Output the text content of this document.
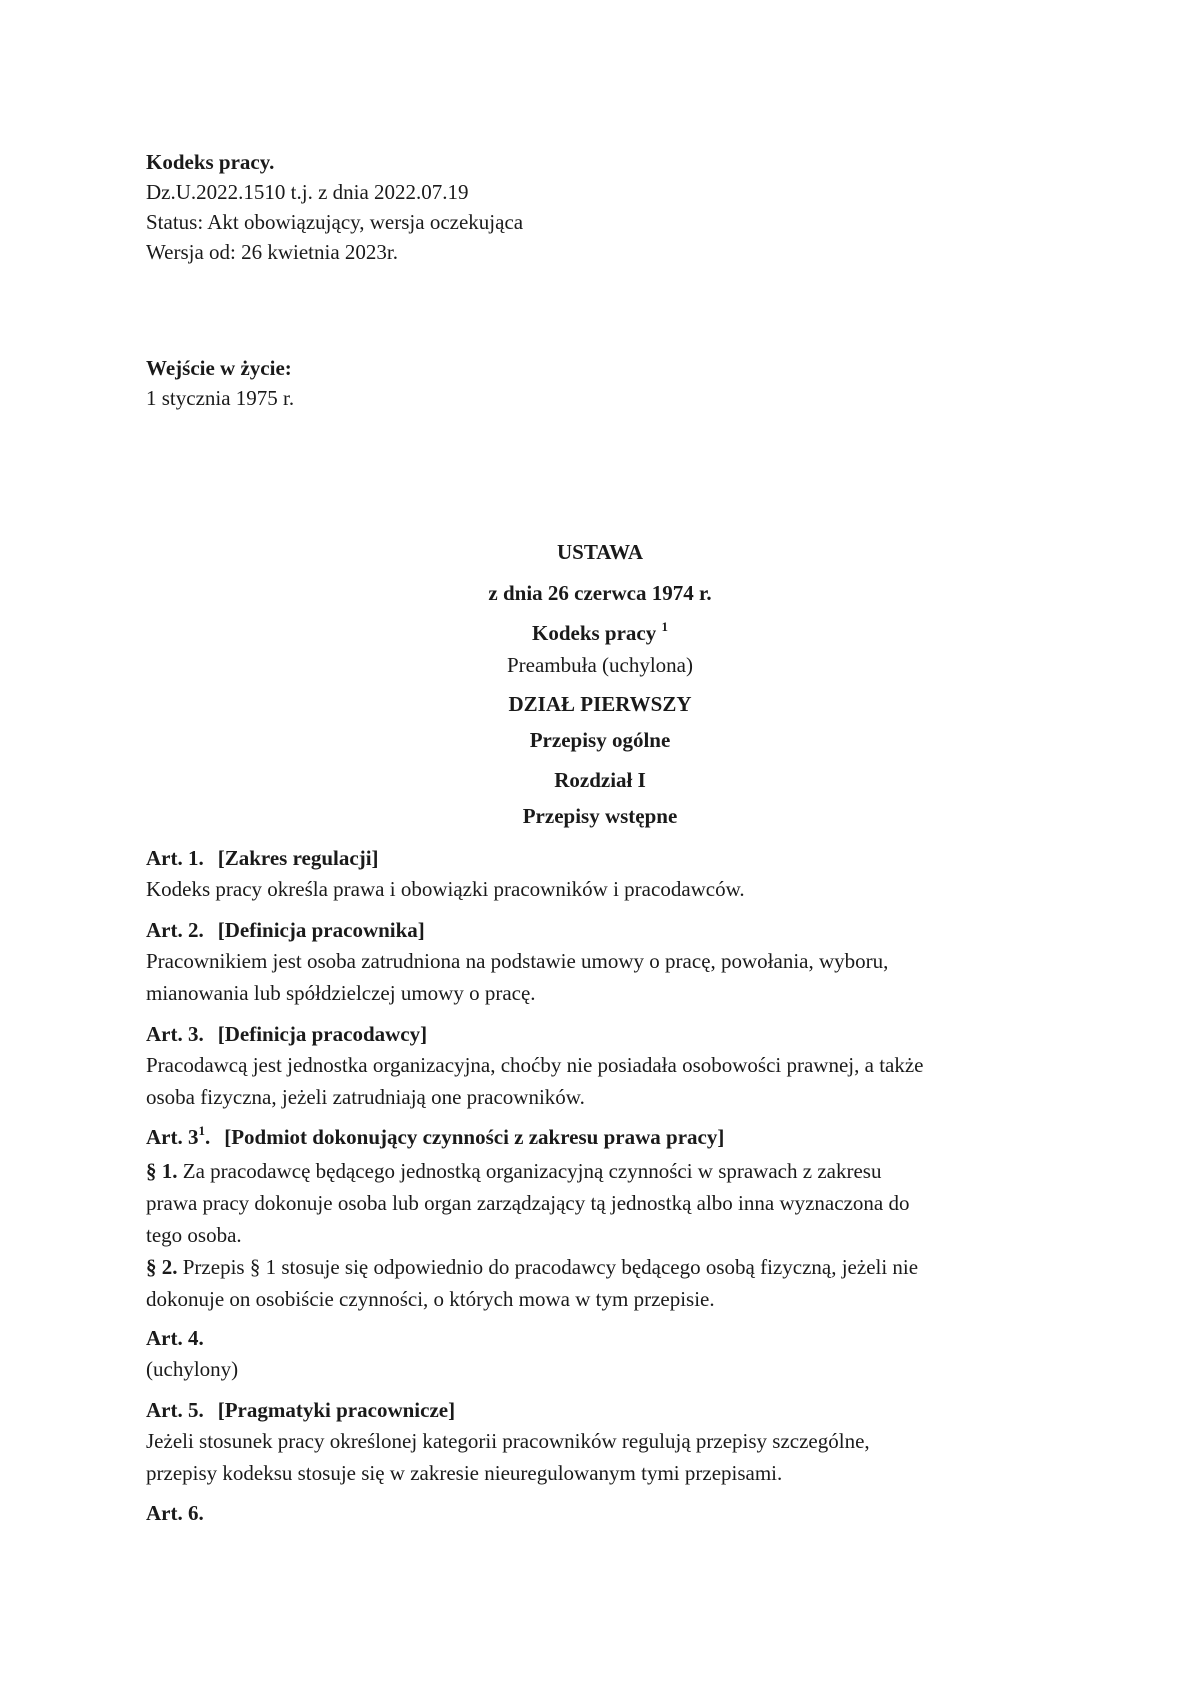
Kodeks pracy.
Dz.U.2022.1510 t.j. z dnia 2022.07.19
Status: Akt obowiązujący, wersja oczekująca
Wersja od: 26 kwietnia 2023r.
Wejście w życie:
1 stycznia 1975 r.
USTAWA
z dnia 26 czerwca 1974 r.
Kodeks pracy $^1$
Preambuła (uchylona)
DZIAŁ PIERWSZY
Przepisy ogólne
Rozdział I
Przepisy wstępne
Art. 1. [Zakres regulacji]
Kodeks pracy określa prawa i obowiązki pracowników i pracodawców.
Art. 2. [Definicja pracownika]
Pracownikiem jest osoba zatrudniona na podstawie umowy o pracę, powołania, wyboru,
mianowania lub spółdzielczej umowy o pracę.
Art. 3. [Definicja pracodawcy]
Pracodawcą jest jednostka organizacyjna, choćby nie posiadała osobowości prawnej, a także
osoba fizyczna, jeżeli zatrudniają one pracowników.
Art. $3^1$. [Podmiot dokonujący czynności z zakresu prawa pracy]
§ 1. Za pracodawcę będącego jednostką organizacyjną czynności w sprawach z zakresu
prawa pracy dokonuje osoba lub organ zarządzający tą jednostką albo inna wyznaczona do
tego osoba.
§ 2. Przepis § 1 stosuje się odpowiednio do pracodawcy będącego osobą fizyczną, jeżeli nie
dokonuje on osobiście czynności, o których mowa w tym przepisie.
Art. 4.
(uchylony)
Art. 5. [Pragmatyki pracownicze]
Jeżeli stosunek pracy określonej kategorii pracowników regulują przepisy szczególne,
przepisy kodeksu stosuje się w zakresie nieuregulowanym tymi przepisami.
Art. 6.
